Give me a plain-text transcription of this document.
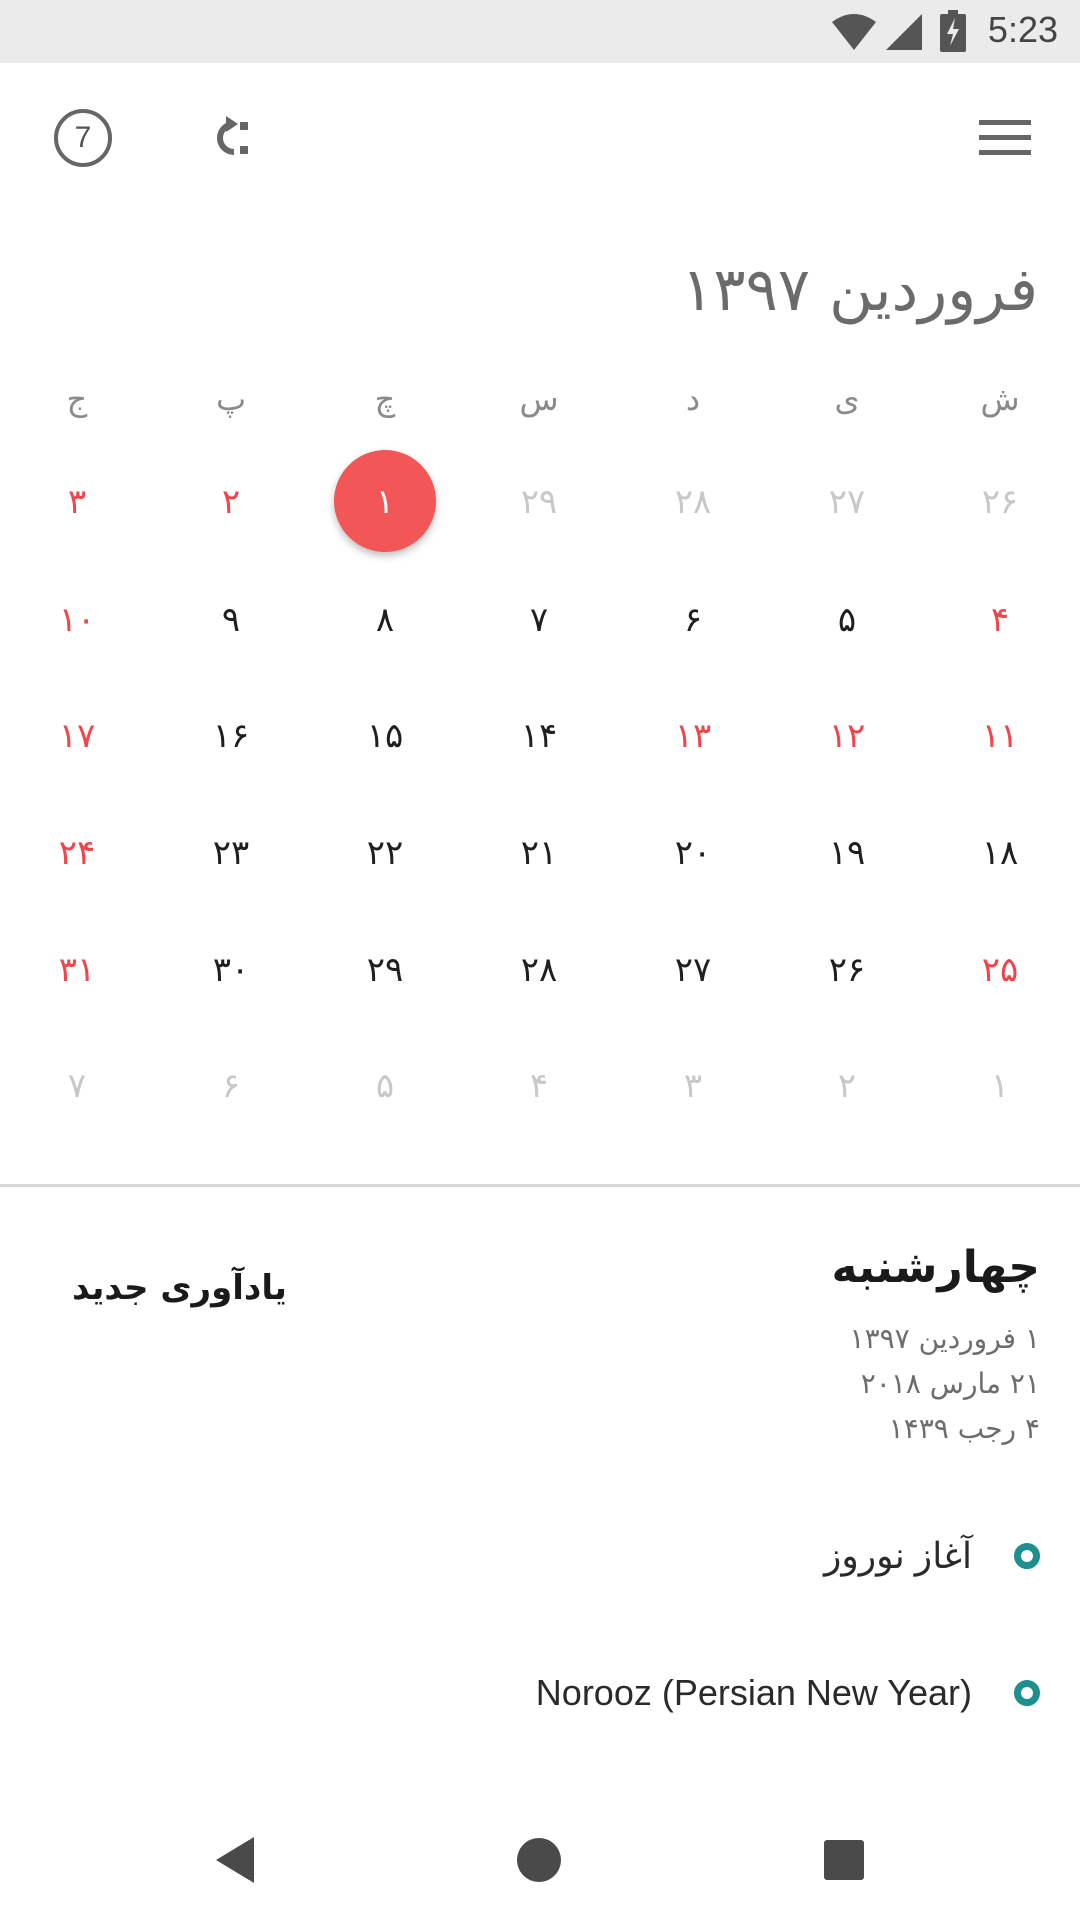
5:23
7
فروردین ۱۳۹۷
ش
ی
د
س
چ
پ
ج
۲۶
۲۷
۲۸
۲۹
۱
۲
۳
۴
۵
۶
۷
۸
۹
۱۰
۱۱
۱۲
۱۳
۱۴
۱۵
۱۶
۱۷
۱۸
۱۹
۲۰
۲۱
۲۲
۲۳
۲۴
۲۵
۲۶
۲۷
۲۸
۲۹
۳۰
۳۱
۱
۲
۳
۴
۵
۶
۷
چهارشنبه
۱ فروردین ۱۳۹۷
۲۱ مارس ۲۰۱۸
۴ رجب ۱۴۳۹
یادآوری جدید
آغاز نوروز
Norooz (Persian New Year)
